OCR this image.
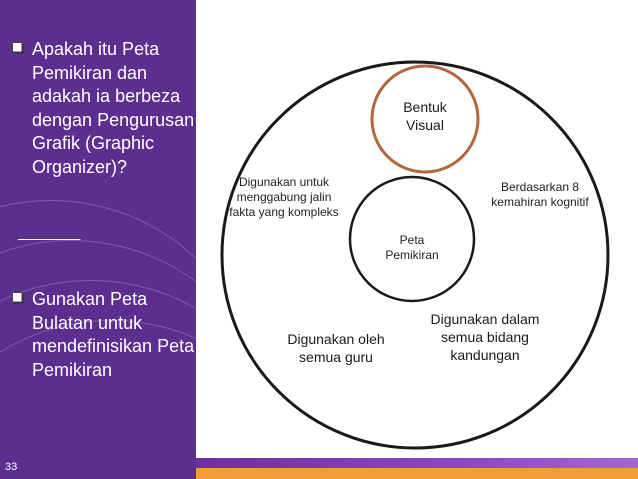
Apakah itu Peta Pemikiran dan adakah ia berbeza dengan Pengurusan Grafik (Graphic Organizer)?
_______
Gunakan Peta Bulatan untuk mendefinisikan Peta Pemikiran
33
Bentuk Visual
Peta Pemikiran
Digunakan untuk menggabung jalin fakta yang kompleks
Berdasarkan 8 kemahiran kognitif
Digunakan oleh semua guru
Digunakan dalam semua bidang kandungan
